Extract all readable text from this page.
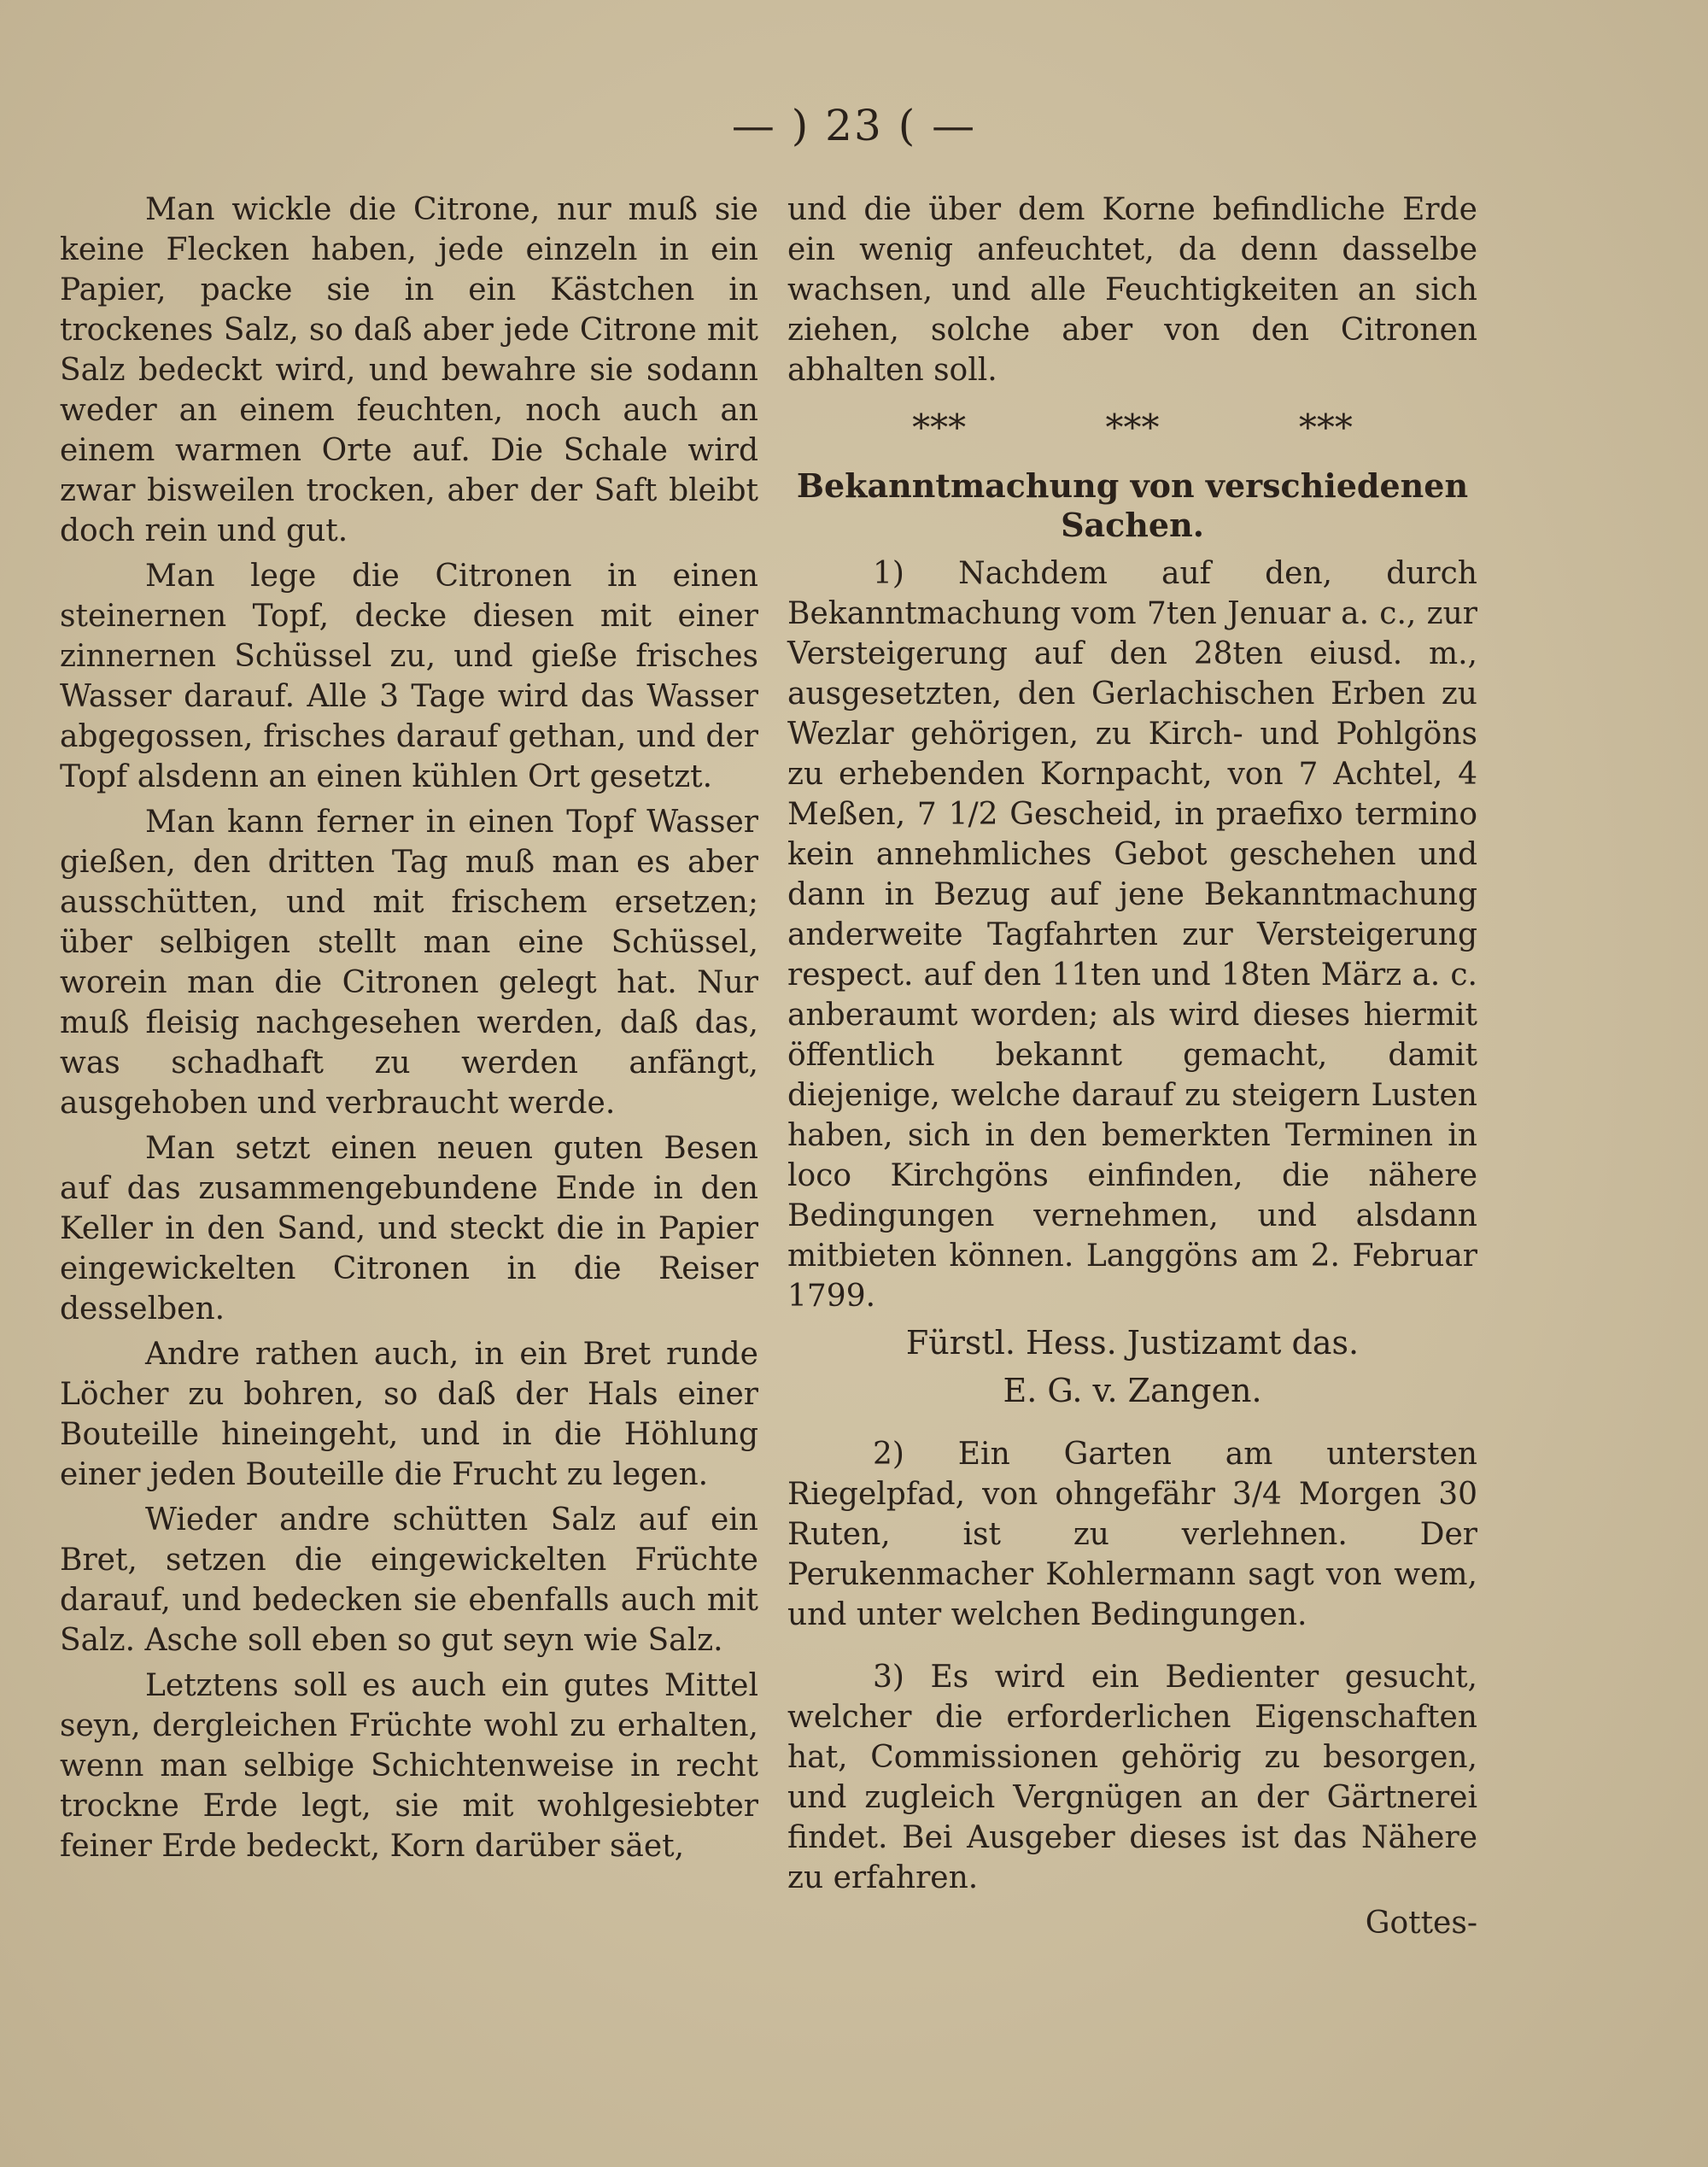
— ) 23 ( —

Man wickle die Citrone, nur muß sie keine Flecken haben, jede einzeln in ein Papier, packe sie in ein Kästchen in trockenes Salz, so daß aber jede Citrone mit Salz bedeckt wird, und bewahre sie sodann weder an einem feuchten, noch auch an einem warmen Orte auf. Die Schale wird zwar bisweilen trocken, aber der Saft bleibt doch rein und gut.

Man lege die Citronen in einen steinernen Topf, decke diesen mit einer zinnernen Schüssel zu, und gieße frisches Wasser darauf. Alle 3 Tage wird das Wasser abgegossen, frisches darauf gethan, und der Topf alsdenn an einen kühlen Ort gesetzt.

Man kann ferner in einen Topf Wasser gießen, den dritten Tag muß man es aber ausschütten, und mit frischem ersetzen; über selbigen stellt man eine Schüssel, worein man die Citronen gelegt hat. Nur muß fleisig nachgesehen werden, daß das, was schadhaft zu werden anfängt, ausgehoben und verbraucht werde.

Man setzt einen neuen guten Besen auf das zusammengebundene Ende in den Keller in den Sand, und steckt die in Papier eingewickelten Citronen in die Reiser desselben.

Andre rathen auch, in ein Bret runde Löcher zu bohren, so daß der Hals einer Bouteille hineingeht, und in die Höhlung einer jeden Bouteille die Frucht zu legen.

Wieder andre schütten Salz auf ein Bret, setzen die eingewickelten Früchte darauf, und bedecken sie ebenfalls auch mit Salz. Asche soll eben so gut seyn wie Salz.

Letztens soll es auch ein gutes Mittel seyn, dergleichen Früchte wohl zu erhalten, wenn man selbige Schichtenweise in recht trockne Erde legt, sie mit wohlgesiebter feiner Erde bedeckt, Korn darüber säet,

und die über dem Korne befindliche Erde ein wenig anfeuchtet, da denn dasselbe wachsen, und alle Feuchtigkeiten an sich ziehen, solche aber von den Citronen abhalten soll.

*** *** ***
Bekanntmachung von verschiedenen Sachen.

1) Nachdem auf den, durch Bekanntmachung vom 7ten Jenuar a. c., zur Versteigerung auf den 28ten eiusd. m., ausgesetzten, den Gerlachischen Erben zu Wezlar gehörigen, zu Kirch- und Pohlgöns zu erhebenden Kornpacht, von 7 Achtel, 4 Meßen, 7 1/2 Gescheid, in praefixo termino kein annehmliches Gebot geschehen und dann in Bezug auf jene Bekanntmachung anderweite Tagfahrten zur Versteigerung respect. auf den 11ten und 18ten März a. c. anberaumt worden; als wird dieses hiermit öffentlich bekannt gemacht, damit diejenige, welche darauf zu steigern Lusten haben, sich in den bemerkten Terminen in loco Kirchgöns einfinden, die nähere Bedingungen vernehmen, und alsdann mitbieten können. Langgöns am 2. Februar 1799.

Fürstl. Hess. Justizamt das.
E. G. v. Zangen.

2) Ein Garten am untersten Riegelpfad, von ohngefähr 3/4 Morgen 30 Ruten, ist zu verlehnen. Der Perukenmacher Kohlermann sagt von wem, und unter welchen Bedingungen.

3) Es wird ein Bedienter gesucht, welcher die erforderlichen Eigenschaften hat, Commissionen gehörig zu besorgen, und zugleich Vergnügen an der Gärtnerei findet. Bei Ausgeber dieses ist das Nähere zu erfahren.

Gottes-
